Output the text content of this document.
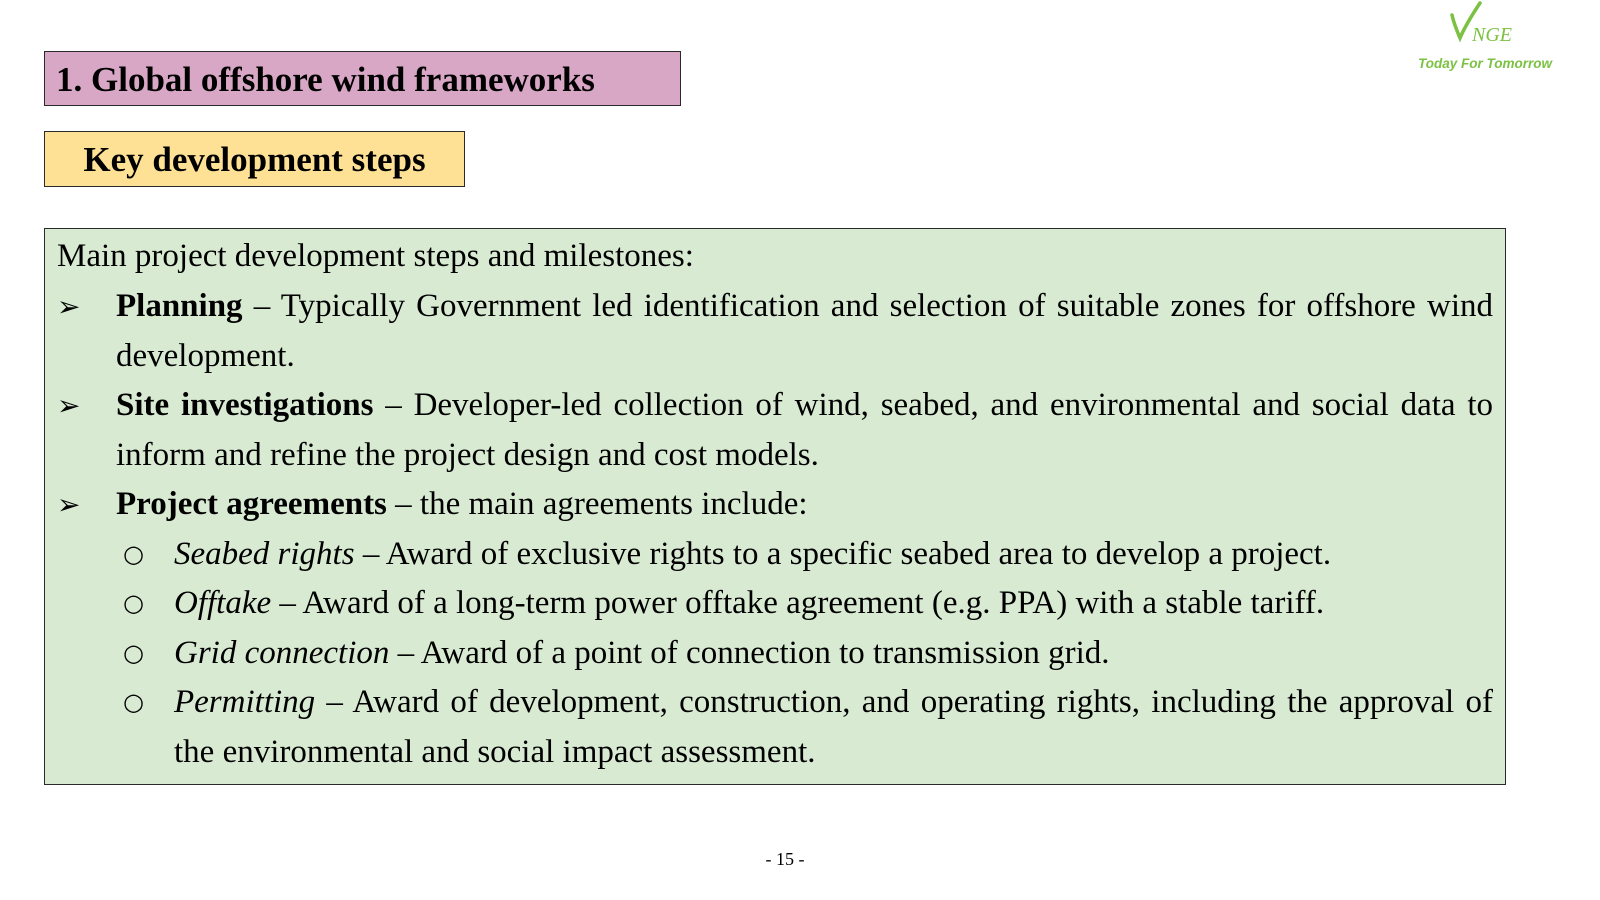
1. Global offshore wind frameworks
Key development steps
NGE
Today For Tomorrow
Main project development steps and milestones:
➢ Planning – Typically Government led identification and selection of suitable zones for offshore wind development.
➢ Site investigations – Developer-led collection of wind, seabed, and environmental and social data to inform and refine the project design and cost models.
➢ Project agreements – the main agreements include:
○ Seabed rights – Award of exclusive rights to a specific seabed area to develop a project.
○ Offtake – Award of a long-term power offtake agreement (e.g. PPA) with a stable tariff.
○ Grid connection – Award of a point of connection to transmission grid.
○ Permitting – Award of development, construction, and operating rights, including the approval of the environmental and social impact assessment.
- 15 -
